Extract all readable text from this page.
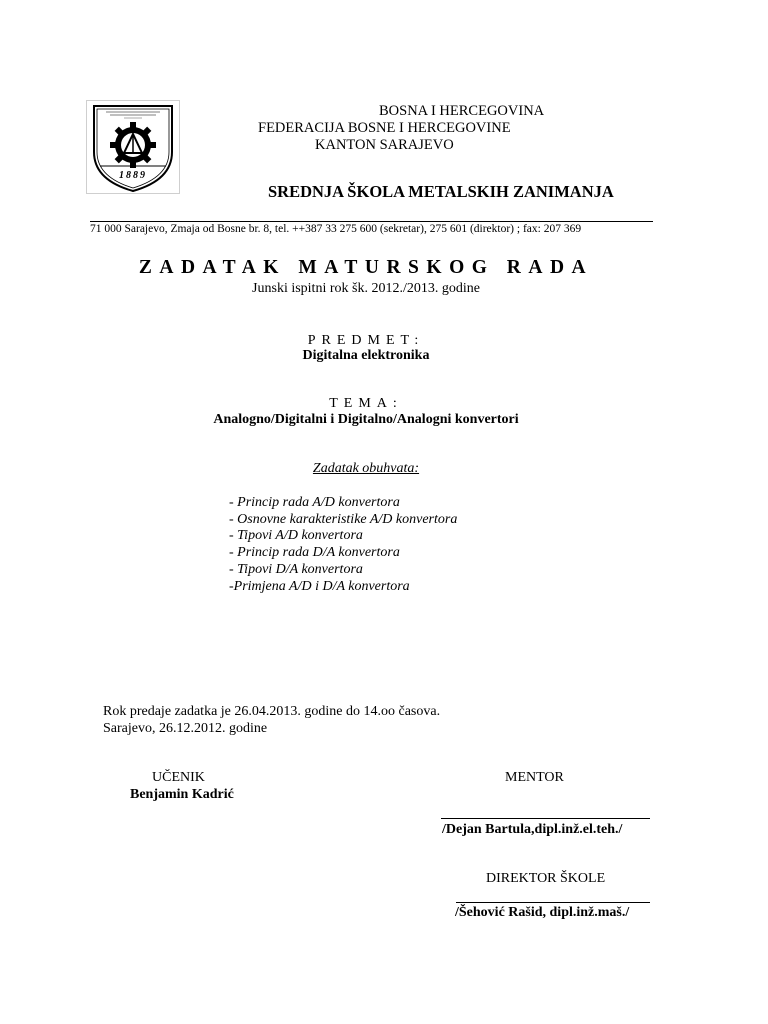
1889
BOSNA I HERCEGOVINA
FEDERACIJA BOSNE I HERCEGOVINE
KANTON SARAJEVO
SREDNJA ŠKOLA METALSKIH ZANIMANJA
71 000 Sarajevo, Zmaja od Bosne br. 8, tel. ++387 33 275 600 (sekretar), 275 601 (direktor) ; fax: 207 369
ZADATAK MATURSKOG RADA
Junski ispitni rok šk. 2012./2013. godine
PREDMET:
Digitalna elektronika
TEMA:
Analogno/Digitalni i Digitalno/Analogni konvertori
Zadatak obuhvata:
- Princip rada A/D konvertora
- Osnovne karakteristike A/D konvertora
- Tipovi A/D konvertora
- Princip rada D/A konvertora
- Tipovi D/A konvertora
-Primjena A/D i D/A konvertora
Rok predaje zadatka je 26.04.2013. godine do 14.oo časova.
Sarajevo, 26.12.2012. godine
UČENIK
Benjamin Kadrić
MENTOR
/Dejan Bartula,dipl.inž.el.teh./
DIREKTOR ŠKOLE
/Šehović Rašid, dipl.inž.maš./
